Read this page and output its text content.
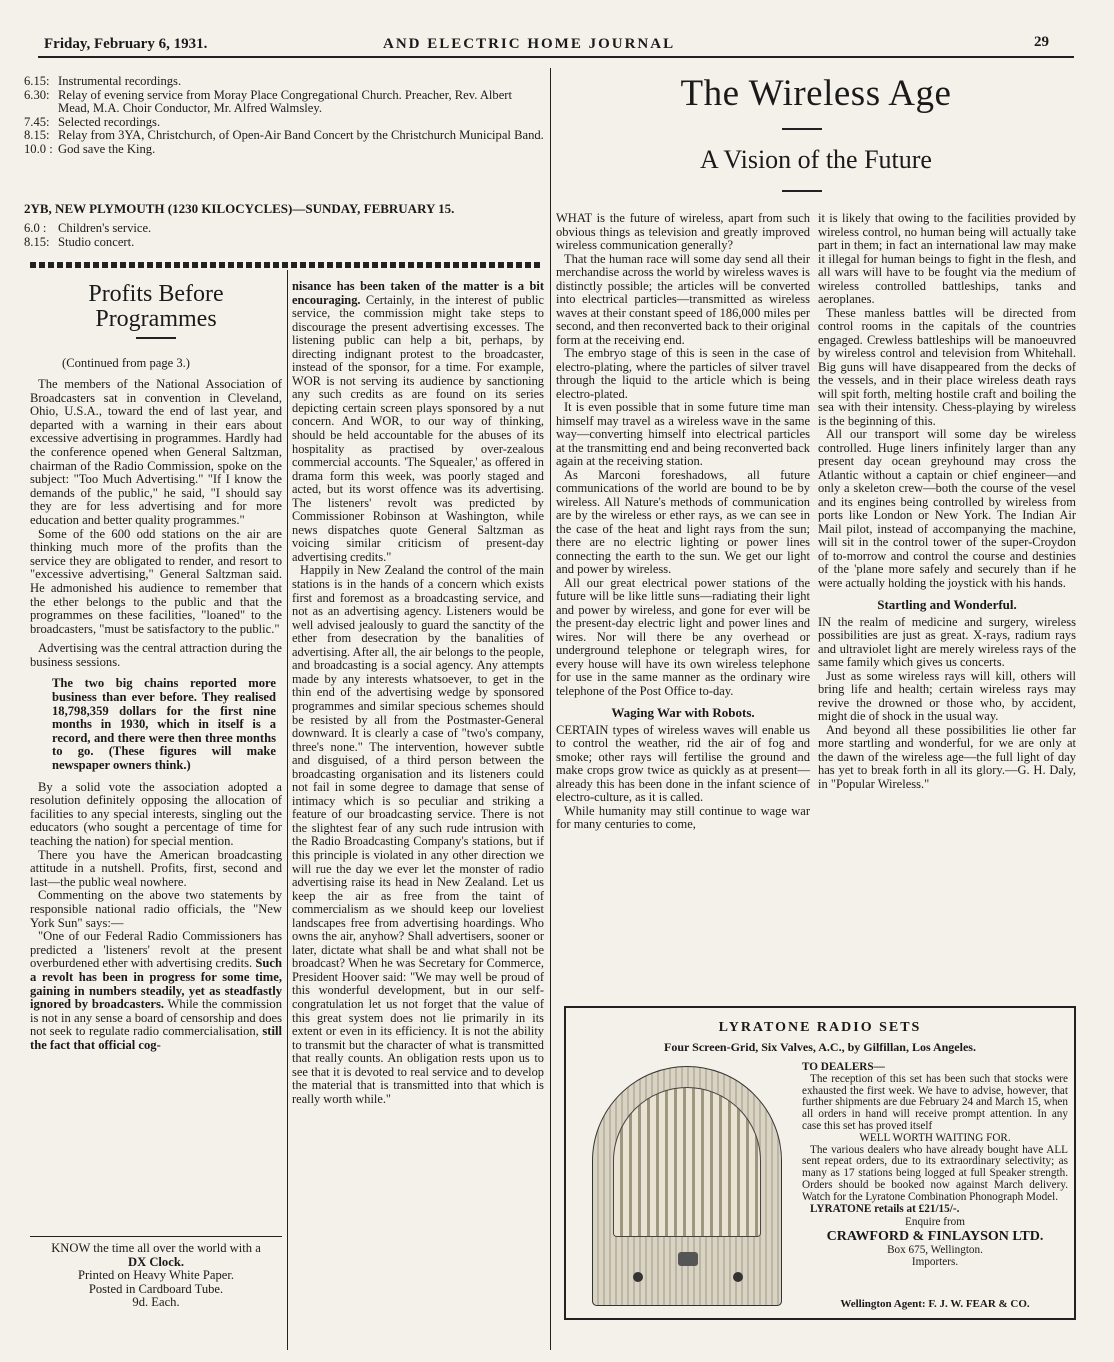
Friday, February 6, 1931.	AND ELECTRIC HOME JOURNAL	29
6.15: Instrumental recordings.
6.30: Relay of evening service from Moray Place Congregational Church. Preacher, Rev. Albert Mead, M.A. Choir Conductor, Mr. Alfred Walmsley.
7.45: Selected recordings.
8.15: Relay from 3YA, Christchurch, of Open-Air Band Concert by the Christchurch Municipal Band.
10.0 : God save the King.
2YB, NEW PLYMOUTH (1230 KILOCYCLES)—SUNDAY, FEBRUARY 15.
6.0 : Children's service.
8.15: Studio concert.
Profits Before
Programmes
(Continued from page 3.)

The members of the National Association of Broadcasters sat in convention in Cleveland, Ohio, U.S.A., toward the end of last year, and departed with a warning in their ears about excessive advertising in programmes. Hardly had the conference opened when General Saltzman, chairman of the Radio Commission, spoke on the subject: "Too Much Advertising." "If I know the demands of the public," he said, "I should say they are for less advertising and for more education and better quality programmes."

Some of the 600 odd stations on the air are thinking much more of the profits than the service they are obligated to render, and resort to "excessive advertising," General Saltzman said. He admonished his audience to remember that the ether belongs to the public and that the programmes on these facilities, "loaned" to the broadcasters, "must be satisfactory to the public."

Advertising was the central attraction during the business sessions.

The two big chains reported more business than ever before. They realised 18,798,359 dollars for the first nine months in 1930, which in itself is a record, and there were then three months to go. (These figures will make newspaper owners think.)

By a solid vote the association adopted a resolution definitely opposing the allocation of facilities to any special interests, singling out the educators (who sought a percentage of time for teaching the nation) for special mention.

There you have the American broadcasting attitude in a nutshell. Profits, first, second and last—the public weal nowhere.

Commenting on the above two statements by responsible national radio officials, the "New York Sun" says:—

"One of our Federal Radio Commissioners has predicted a 'listeners' revolt at the present overburdened ether with advertising credits. Such a revolt has been in progress for some time, gaining in numbers steadily, yet as steadfastly ignored by broadcasters. While the commission is not in any sense a board of censorship and does not seek to regulate radio commercialisation, still the fact that official cog-

KNOW the time all over the world with a
DX Clock.
Printed on Heavy White Paper.
Posted in Cardboard Tube.
9d. Each.

nisance has been taken of the matter is a bit encouraging. Certainly, in the interest of public service, the commission might take steps to discourage the present advertising excesses. The listening public can help a bit, perhaps, by directing indignant protest to the broadcaster, instead of the sponsor, for a time. For example, WOR is not serving its audience by sanctioning any such credits as are found on its series depicting certain screen plays sponsored by a nut concern. And WOR, to our way of thinking, should be held accountable for the abuses of its hospitality as practised by over-zealous commercial accounts. 'The Squealer,' as offered in drama form this week, was poorly staged and acted, but its worst offence was its advertising. The listeners' revolt was predicted by Commissioner Robinson at Washington, while news dispatches quote General Saltzman as voicing similar criticism of present-day advertising credits."

Happily in New Zealand the control of the main stations is in the hands of a concern which exists first and foremost as a broadcasting service, and not as an advertising agency. Listeners would be well advised jealously to guard the sanctity of the ether from desecration by the banalities of advertising. After all, the air belongs to the people, and broadcasting is a social agency. Any attempts made by any interests whatsoever, to get in the thin end of the advertising wedge by sponsored programmes and similar specious schemes should be resisted by all from the Postmaster-General downward. It is clearly a case of "two's company, three's none." The intervention, however subtle and disguised, of a third person between the broadcasting organisation and its listeners could not fail in some degree to damage that sense of intimacy which is so peculiar and striking a feature of our broadcasting service. There is not the slightest fear of any such rude intrusion with the Radio Broadcasting Company's stations, but if this principle is violated in any other direction we will rue the day we ever let the monster of radio advertising raise its head in New Zealand. Let us keep the air as free from the taint of commercialism as we should keep our loveliest landscapes free from advertising hoardings. Who owns the air, anyhow? Shall advertisers, sooner or later, dictate what shall be and what shall not be broadcast? When he was Secretary for Commerce, President Hoover said: "We may well be proud of this wonderful development, but in our self-congratulation let us not forget that the value of this great system does not lie primarily in its extent or even in its efficiency. It is not the ability to transmit but the character of what is transmitted that really counts. An obligation rests upon us to see that it is devoted to real service and to develop the material that is transmitted into that which is really worth while."

The Wireless Age
A Vision of the Future

WHAT is the future of wireless, apart from such obvious things as television and greatly improved wireless communication generally?

That the human race will some day send all their merchandise across the world by wireless waves is distinctly possible; the articles will be converted into electrical particles—transmitted as wireless waves at their constant speed of 186,000 miles per second, and then reconverted back to their original form at the receiving end.

The embryo stage of this is seen in the case of electro-plating, where the particles of silver travel through the liquid to the article which is being electro-plated.

It is even possible that in some future time man himself may travel as a wireless wave in the same way—converting himself into electrical particles at the transmitting end and being reconverted back again at the receiving station.

As Marconi foreshadows, all future communications of the world are bound to be by wireless. All Nature's methods of communication are by the wireless or ether rays, as we can see in the case of the heat and light rays from the sun; there are no electric lighting or power lines connecting the earth to the sun. We get our light and power by wireless.

All our great electrical power stations of the future will be like little suns—radiating their light and power by wireless, and gone for ever will be the present-day electric light and power lines and wires. Nor will there be any overhead or underground telephone or telegraph wires, for every house will have its own wireless telephone for use in the same manner as the ordinary wire telephone of the Post Office to-day.

Waging War with Robots.

CERTAIN types of wireless waves will enable us to control the weather, rid the air of fog and smoke; other rays will fertilise the ground and make crops grow twice as quickly as at present—already this has been done in the infant science of electro-culture, as it is called.

While humanity may still continue to wage war for many centuries to come,

it is likely that owing to the facilities provided by wireless control, no human being will actually take part in them; in fact an international law may make it illegal for human beings to fight in the flesh, and all wars will have to be fought via the medium of wireless controlled battleships, tanks and aeroplanes.

These manless battles will be directed from control rooms in the capitals of the countries engaged. Crewless battleships will be manoeuvred by wireless control and television from Whitehall. Big guns will have disappeared from the decks of the vessels, and in their place wireless death rays will spit forth, melting hostile craft and boiling the sea with their intensity. Chess-playing by wireless is the beginning of this.

All our transport will some day be wireless controlled. Huge liners infinitely larger than any present day ocean greyhound may cross the Atlantic without a captain or chief engineer—and only a skeleton crew—both the course of the vesel and its engines being controlled by wireless from ports like London or New York. The Indian Air Mail pilot, instead of accompanying the machine, will sit in the control tower of the super-Croydon of to-morrow and control the course and destinies of the 'plane more safely and securely than if he were actually holding the joystick with his hands.

Startling and Wonderful.

IN the realm of medicine and surgery, wireless possibilities are just as great. X-rays, radium rays and ultraviolet light are merely wireless rays of the same family which gives us concerts.

Just as some wireless rays will kill, others will bring life and health; certain wireless rays may revive the drowned or those who, by accident, might die of shock in the usual way.

And beyond all these possibilities lie other far more startling and wonderful, for we are only at the dawn of the wireless age—the full light of day has yet to break forth in all its glory.—G. H. Daly, in "Popular Wireless."

LYRATONE RADIO SETS
Four Screen-Grid, Six Valves, A.C., by Gilfillan, Los Angeles.
TO DEALERS—
The reception of this set has been such that stocks were exhausted the first week. We have to advise, however, that further shipments are due February 24 and March 15, when all orders in hand will receive prompt attention. In any case this set has proved itself
WELL WORTH WAITING FOR.
The various dealers who have already bought have ALL sent repeat orders, due to its extraordinary selectivity; as many as 17 stations being logged at full Speaker strength. Orders should be booked now against March delivery. Watch for the Lyratone Combination Phonograph Model.
LYRATONE retails at £21/15/-.
Enquire from
CRAWFORD & FINLAYSON LTD.
Box 675, Wellington.
Importers.
Wellington Agent: F. J. W. FEAR & CO.
